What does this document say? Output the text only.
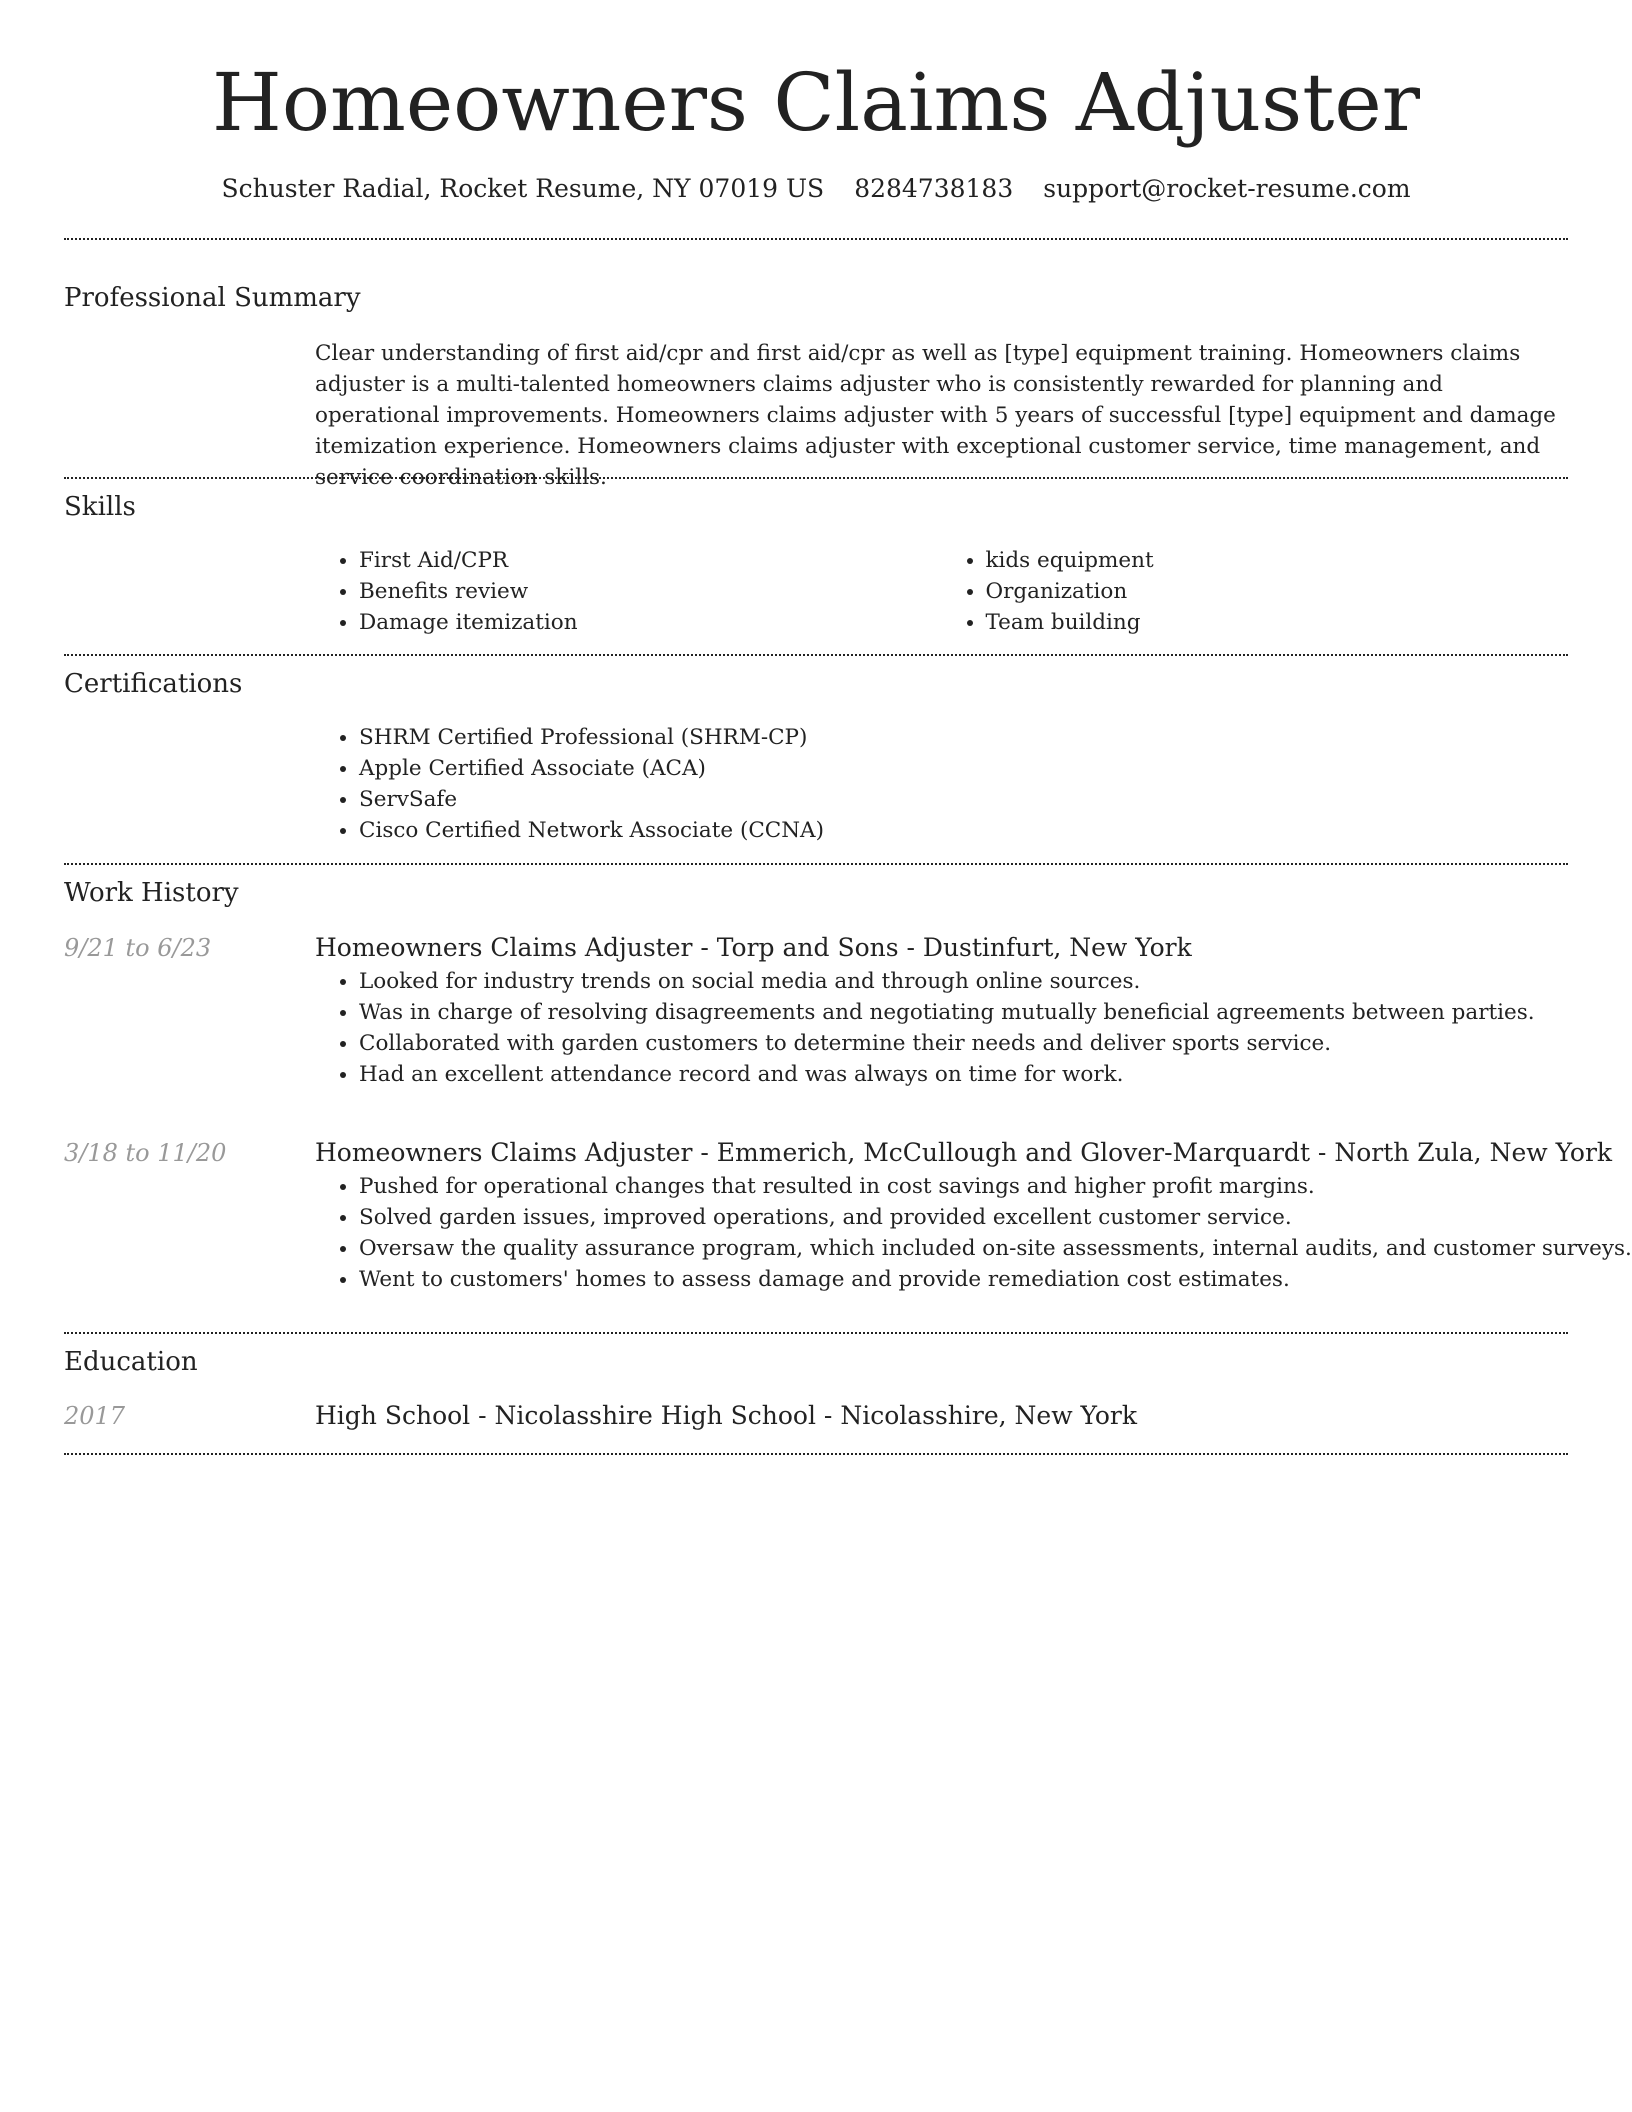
Homeowners Claims Adjuster
Schuster Radial, Rocket Resume, NY 07019 US 8284738183 support@rocket-resume.com
Professional Summary

Clear understanding of first aid/cpr and first aid/cpr as well as [type] equipment training. Homeowners claims adjuster is a multi-talented homeowners claims adjuster who is consistently rewarded for planning and operational improvements. Homeowners claims adjuster with 5 years of successful [type] equipment and damage itemization experience. Homeowners claims adjuster with exceptional customer service, time management, and service coordination skills.

Skills
• First Aid/CPR
• Benefits review
• Damage itemization
• kids equipment
• Organization
• Team building
Certifications
• SHRM Certified Professional (SHRM-CP)
• Apple Certified Associate (ACA)
• ServSafe
• Cisco Certified Network Associate (CCNA)
Work History
9/21 to 6/23	Homeowners Claims Adjuster - Torp and Sons - Dustinfurt, New York
• Looked for industry trends on social media and through online sources.
• Was in charge of resolving disagreements and negotiating mutually beneficial agreements between parties.
• Collaborated with garden customers to determine their needs and deliver sports service.
• Had an excellent attendance record and was always on time for work.
3/18 to 11/20	Homeowners Claims Adjuster - Emmerich, McCullough and Glover-Marquardt - North Zula, New York
• Pushed for operational changes that resulted in cost savings and higher profit margins.
• Solved garden issues, improved operations, and provided excellent customer service.
• Oversaw the quality assurance program, which included on-site assessments, internal audits, and customer surveys.
• Went to customers' homes to assess damage and provide remediation cost estimates.
Education
2017	High School - Nicolasshire High School - Nicolasshire, New York
